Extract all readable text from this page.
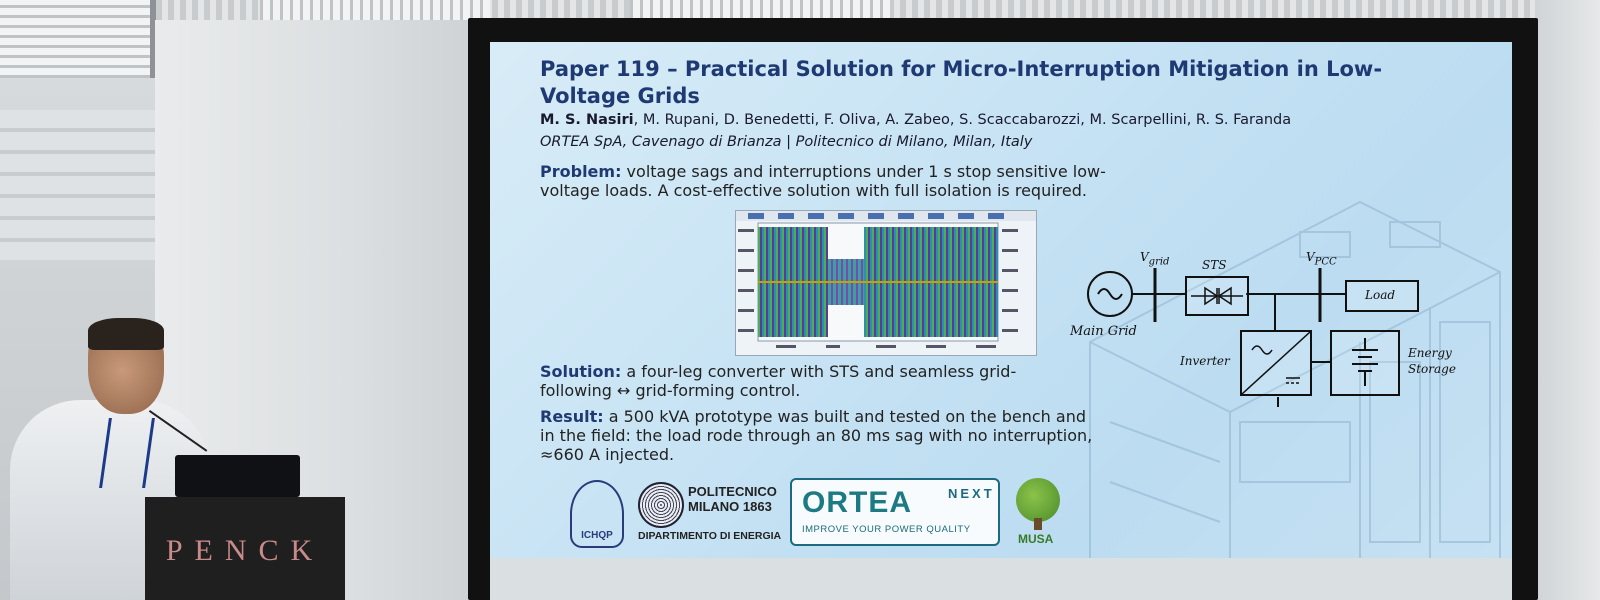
Paper 119 – Practical Solution for Micro-Interruption Mitigation in Low-Voltage Grids
M. S. Nasiri, M. Rupani, D. Benedetti, F. Oliva, A. Zabeo, S. Scaccabarozzi, M. Scarpellini, R. S. Faranda
ORTEA SpA, Cavenago di Brianza | Politecnico di Milano, Milan, Italy
Problem: voltage sags and interruptions under 1 s stop sensitive low-voltage loads. A cost-effective solution with full isolation is required.
$V_{grid}$	$V_{PCC}$
STS
Main Grid
Load
Inverter
Energy
Storage
Solution: a four-leg converter with STS and seamless grid-following ↔ grid-forming control.
Result: a 500 kVA prototype was built and tested on the bench and in the field: the load rode through an 80 ms sag with no interruption, ≈660 A injected.
ICHQP
POLITECNICO
MILANO 1863
DIPARTIMENTO DI ENERGIA
ORTEA	NEXT
IMPROVE YOUR POWER QUALITY
MUSA
PENCK
